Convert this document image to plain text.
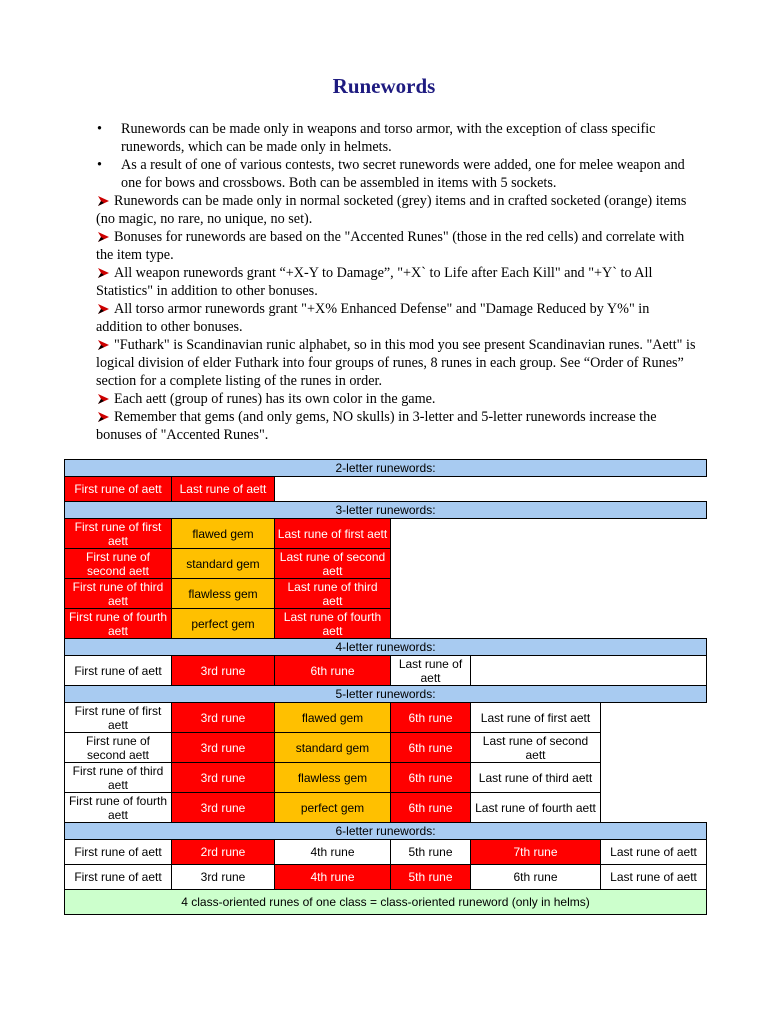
Runewords

• Runewords can be made only in weapons and torso armor, with the exception of class specific runewords, which can be made only in helmets.

• As a result of one of various contests, two secret runewords were added, one for melee weapon and one for bows and crossbows. Both can be assembled in items with 5 sockets.

Runewords can be made only in normal socketed (grey) items and in crafted socketed (orange) items (no magic, no rare, no unique, no set).

Bonuses for runewords are based on the "Accented Runes" (those in the red cells) and correlate with the item type.

All weapon runewords grant “+X-Y to Damage”, "+X` to Life after Each Kill" and "+Y` to All Statistics" in addition to other bonuses.

All torso armor runewords grant "+X% Enhanced Defense" and "Damage Reduced by Y%" in addition to other bonuses.

"Futhark" is Scandinavian runic alphabet, so in this mod you see present Scandinavian runes. "Aett" is logical division of elder Futhark into four groups of runes, 8 runes in each group. See “Order of Runes” section for a complete listing of the runes in order.

Each aett (group of runes) has its own color in the game.

Remember that gems (and only gems, NO skulls) in 3-letter and 5-letter runewords increase the bonuses of "Accented Runes".

2-letter runewords:					
First rune of aett	Last rune of aett				
3-letter runewords:					
First rune of first aett	flawed gem	Last rune of first aett			
First rune of second aett	standard gem	Last rune of second aett			
First rune of third aett	flawless gem	Last rune of third aett			
First rune of fourth aett	perfect gem	Last rune of fourth aett			
4-letter runewords:					
First rune of aett	3rd rune	6th rune	Last rune of aett		
5-letter runewords:					
First rune of first aett	3rd rune	flawed gem	6th rune	Last rune of first aett	
First rune of second aett	3rd rune	standard gem	6th rune	Last rune of second aett	
First rune of third aett	3rd rune	flawless gem	6th rune	Last rune of third aett	
First rune of fourth aett	3rd rune	perfect gem	6th rune	Last rune of fourth aett	
6-letter runewords:					
First rune of aett	2rd rune	4th rune	5th rune	7th rune	Last rune of aett
First rune of aett	3rd rune	4th rune	5th rune	6th rune	Last rune of aett
4 class-oriented runes of one class = class-oriented runeword (only in helms)					
